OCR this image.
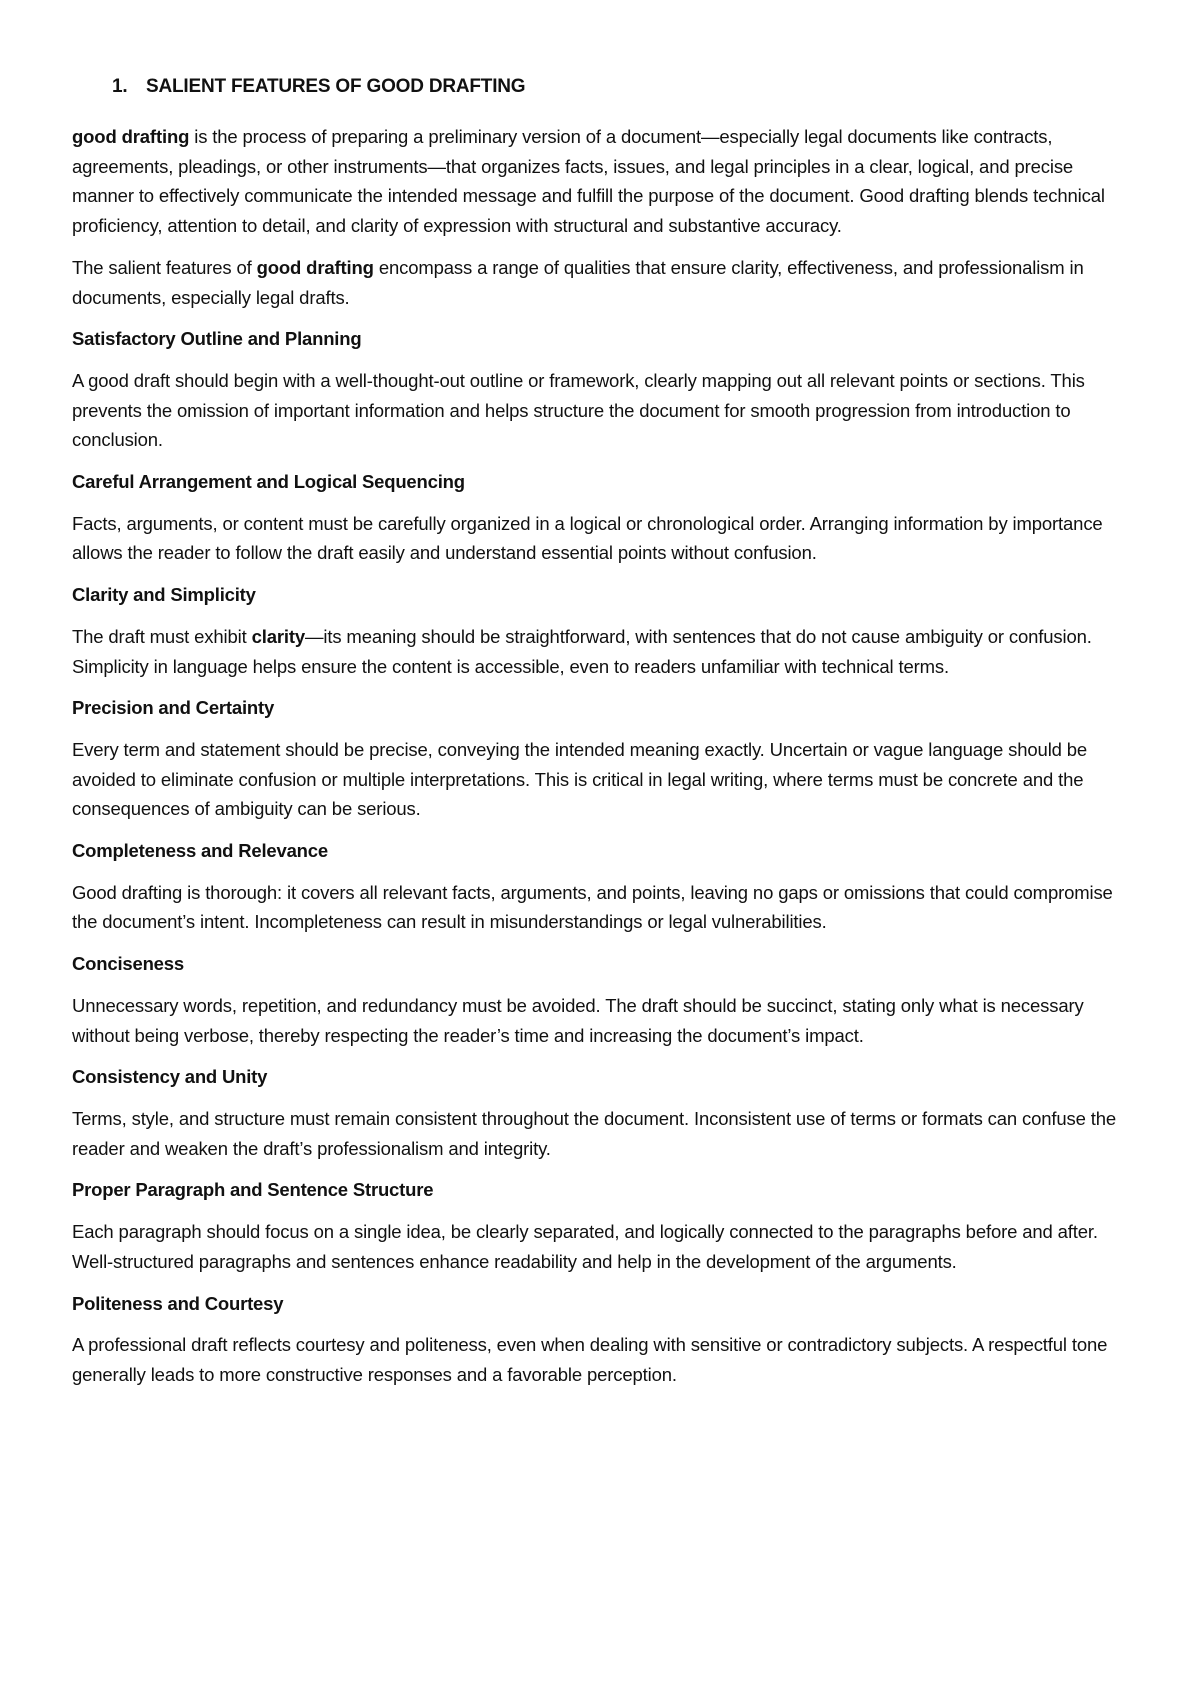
1. SALIENT FEATURES OF GOOD DRAFTING

good drafting is the process of preparing a preliminary version of a document—especially legal documents like contracts, agreements, pleadings, or other instruments—that organizes facts, issues, and legal principles in a clear, logical, and precise manner to effectively communicate the intended message and fulfill the purpose of the document. Good drafting blends technical proficiency, attention to detail, and clarity of expression with structural and substantive accuracy.

The salient features of good drafting encompass a range of qualities that ensure clarity, effectiveness, and professionalism in documents, especially legal drafts.

Satisfactory Outline and Planning

A good draft should begin with a well-thought-out outline or framework, clearly mapping out all relevant points or sections. This prevents the omission of important information and helps structure the document for smooth progression from introduction to conclusion.

Careful Arrangement and Logical Sequencing

Facts, arguments, or content must be carefully organized in a logical or chronological order. Arranging information by importance allows the reader to follow the draft easily and understand essential points without confusion.

Clarity and Simplicity

The draft must exhibit clarity—its meaning should be straightforward, with sentences that do not cause ambiguity or confusion. Simplicity in language helps ensure the content is accessible, even to readers unfamiliar with technical terms.

Precision and Certainty

Every term and statement should be precise, conveying the intended meaning exactly. Uncertain or vague language should be avoided to eliminate confusion or multiple interpretations. This is critical in legal writing, where terms must be concrete and the consequences of ambiguity can be serious.

Completeness and Relevance

Good drafting is thorough: it covers all relevant facts, arguments, and points, leaving no gaps or omissions that could compromise the document’s intent. Incompleteness can result in misunderstandings or legal vulnerabilities.

Conciseness

Unnecessary words, repetition, and redundancy must be avoided. The draft should be succinct, stating only what is necessary without being verbose, thereby respecting the reader’s time and increasing the document’s impact.

Consistency and Unity

Terms, style, and structure must remain consistent throughout the document. Inconsistent use of terms or formats can confuse the reader and weaken the draft’s professionalism and integrity.

Proper Paragraph and Sentence Structure

Each paragraph should focus on a single idea, be clearly separated, and logically connected to the paragraphs before and after. Well-structured paragraphs and sentences enhance readability and help in the development of the arguments.

Politeness and Courtesy

A professional draft reflects courtesy and politeness, even when dealing with sensitive or contradictory subjects. A respectful tone generally leads to more constructive responses and a favorable perception.
